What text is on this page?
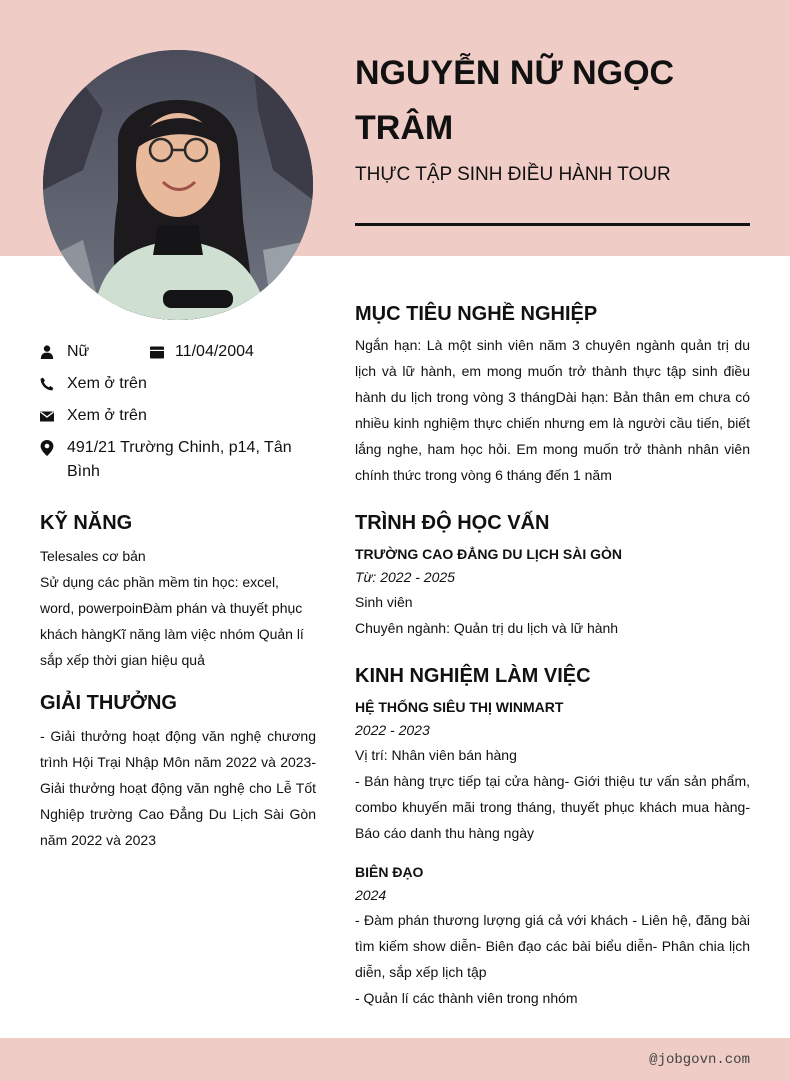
NGUYỄN NỮ NGỌC TRÂM
THỰC TẬP SINH ĐIỀU HÀNH TOUR
Nữ	11/04/2004
Xem ở trên
Xem ở trên
491/21 Trường Chinh, p14, Tân Bình
KỸ NĂNG
Telesales cơ bản
Sử dụng các phần mềm tin học: excel, word, powerpoinĐàm phán và thuyết phục khách hàngKĩ năng làm việc nhóm Quản lí sắp xếp thời gian hiệu quả
GIẢI THƯỞNG
- Giải thưởng hoạt động văn nghệ chương trình Hội Trại Nhập Môn năm 2022 và 2023- Giải thưởng hoạt động văn nghệ cho Lễ Tốt Nghiệp trường Cao Đẳng Du Lịch Sài Gòn năm 2022 và 2023
MỤC TIÊU NGHỀ NGHIỆP
Ngắn hạn: Là một sinh viên năm 3 chuyên ngành quản trị du lịch và lữ hành, em mong muốn trở thành thực tập sinh điều hành du lịch trong vòng 3 thángDài hạn: Bản thân em chưa có nhiều kinh nghiệm thực chiến nhưng em là người cầu tiến, biết lắng nghe, ham học hỏi. Em mong muốn trở thành nhân viên chính thức trong vòng 6 tháng đến 1 năm
TRÌNH ĐỘ HỌC VẤN
TRƯỜNG CAO ĐẲNG DU LỊCH SÀI GÒN
Từ: 2022 - 2025
Sinh viên
Chuyên ngành: Quản trị du lịch và lữ hành
KINH NGHIỆM LÀM VIỆC
HỆ THỐNG SIÊU THỊ WINMART
2022 - 2023
Vị trí: Nhân viên bán hàng
- Bán hàng trực tiếp tại cửa hàng- Giới thiệu tư vấn sản phẩm, combo khuyến mãi trong tháng, thuyết phục khách mua hàng- Báo cáo danh thu hàng ngày
BIÊN ĐẠO
2024
- Đàm phán thương lượng giá cả với khách - Liên hệ, đăng bài tìm kiếm show diễn- Biên đạo các bài biểu diễn- Phân chia lịch diễn, sắp xếp lịch tập
- Quản lí các thành viên trong nhóm
@jobgovn.com
